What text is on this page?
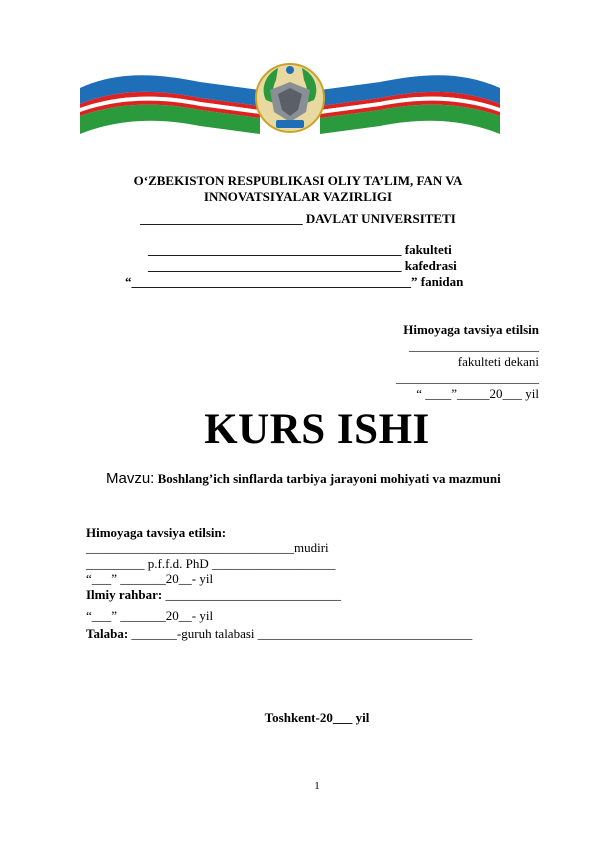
O‘ZBEKISTON RESPUBLIKASI OLIY TA’LIM, FAN VA
INNOVATSIYALAR VAZIRLIGI
_________________________ DAVLAT UNIVERSITETI
_______________________________________ fakulteti
_______________________________________ kafedrasi
“___________________________________________” fanidan
Himoyaga tavsiya etilsin
____________________
fakulteti dekani
______________________
“ ____”_____20___ yil
KURS ISHI
Mavzu: Boshlang’ich sinflarda tarbiya jarayoni mohiyati va mazmuni
Himoyaga tavsiya etilsin:
________________________________mudiri
_________ p.f.f.d. PhD ___________________
“___” _______20__- yil
Ilmiy rahbar: ___________________________
“___” _______20__- yil
Talaba: _______-guruh talabasi _________________________________
Toshkent-20___ yil
1
